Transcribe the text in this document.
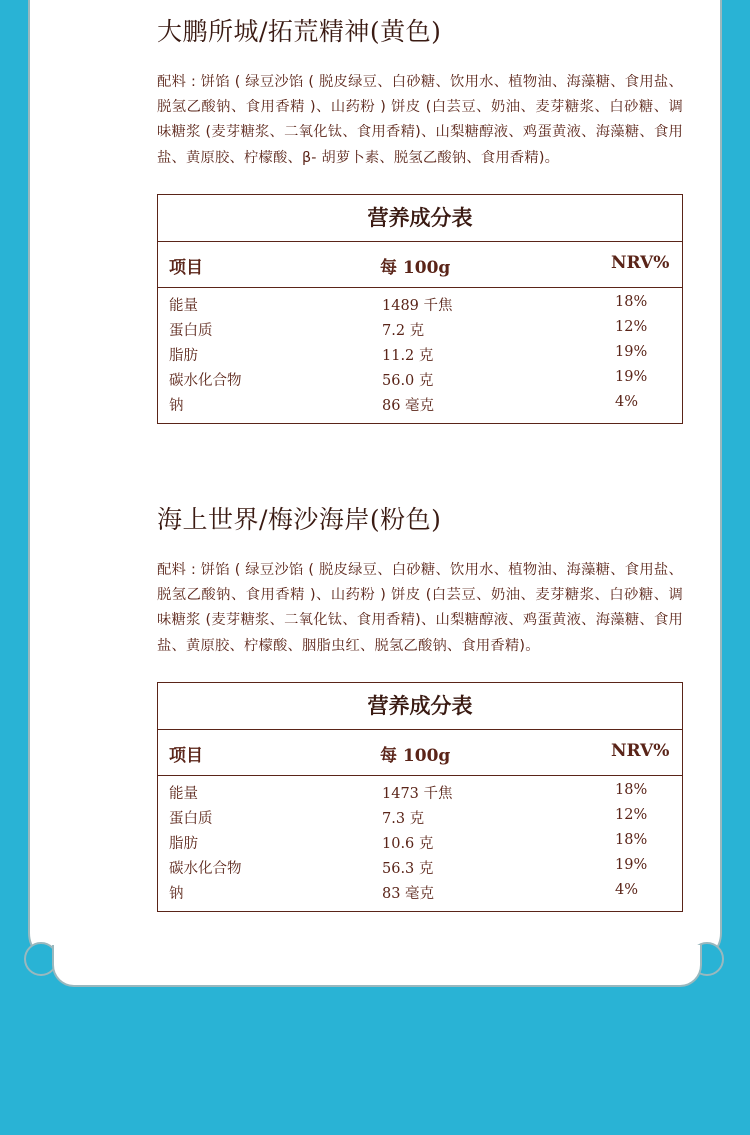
大鹏所城/拓荒精神(黄色)
配料 : 饼馅 ( 绿豆沙馅 ( 脱皮绿豆、白砂糖、饮用水、植物油、海藻糖、食用盐、脱氢乙酸钠、食用香精 )、山药粉 ) 饼皮 (白芸豆、奶油、麦芽糖浆、白砂糖、调味糖浆 (麦芽糖浆、二氧化钛、食用香精)、山梨糖醇液、鸡蛋黄液、海藻糖、食用盐、黄原胶、柠檬酸、β- 胡萝卜素、脱氢乙酸钠、食用香精)。
营养成分表
项目	每 100g	NRV%
能量	1489 千焦	18%
蛋白质	7.2 克	12%
脂肪	11.2 克	19%
碳水化合物	56.0 克	19%
钠	86 毫克	4%
海上世界/梅沙海岸(粉色)
配料 : 饼馅 ( 绿豆沙馅 ( 脱皮绿豆、白砂糖、饮用水、植物油、海藻糖、食用盐、脱氢乙酸钠、食用香精 )、山药粉 ) 饼皮 (白芸豆、奶油、麦芽糖浆、白砂糖、调味糖浆 (麦芽糖浆、二氧化钛、食用香精)、山梨糖醇液、鸡蛋黄液、海藻糖、食用盐、黄原胶、柠檬酸、胭脂虫红、脱氢乙酸钠、食用香精)。
营养成分表
项目	每 100g	NRV%
能量	1473 千焦	18%
蛋白质	7.3 克	12%
脂肪	10.6 克	18%
碳水化合物	56.3 克	19%
钠	83 毫克	4%
